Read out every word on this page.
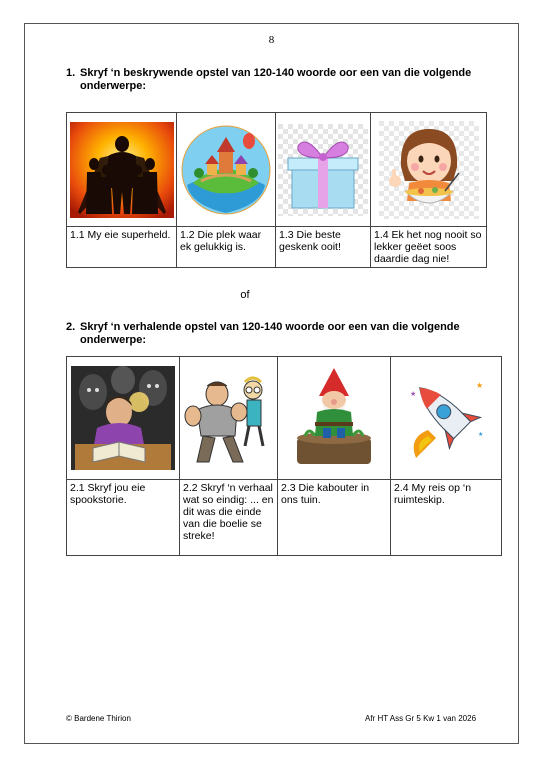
8
1. Skryf ‘n beskrywende opstel van 120-140 woorde oor een van die volgende onderwerpe:

1.1 My eie superheld.	1.2 Die plek waar ek gelukkig is.	1.3 Die beste geskenk ooit!	1.4 Ek het nog nooit so lekker geëet soos daardie dag nie!
of
2. Skryf ‘n verhalende opstel van 120-140 woorde oor een van die volgende onderwerpe:

★
★
★

2.1 Skryf jou eie spookstorie.	2.2 Skryf ‘n verhaal wat so eindig: ... en dit was die einde van die boelie se streke!	2.3 Die kabouter in ons tuin.	2.4 My reis op ‘n ruimteskip.
© Bardene Thirion	Afr HT Ass Gr 5 Kw 1 van 2026
